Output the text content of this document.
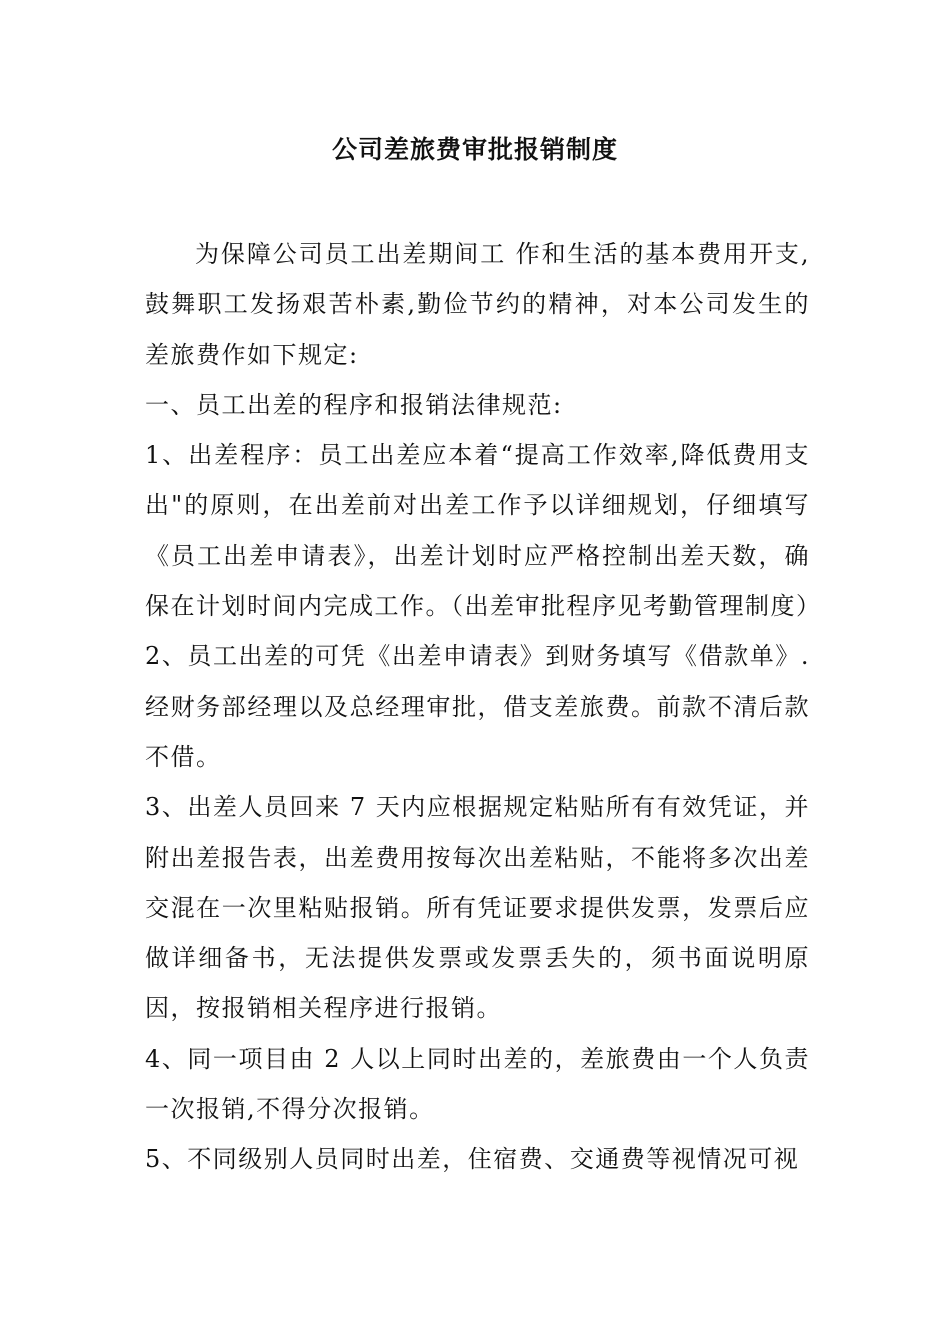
公司差旅费审批报销制度

为保障公司员工出差期间工 作和生活的基本费用开支,鼓舞职工发扬艰苦朴素,勤俭节约的精神，对本公司发生的差旅费作如下规定:

一、员工出差的程序和报销法律规范:

1、出差程序：员工出差应本着“提高工作效率,降低费用支出"的原则，在出差前对出差工作予以详细规划，仔细填写《员工出差申请表》，出差计划时应严格控制出差天数，确保在计划时间内完成工作。（出差审批程序见考勤管理制度）

2、员工出差的可凭《出差申请表》到财务填写《借款单》.经财务部经理以及总经理审批，借支差旅费。前款不清后款不借。

3、出差人员回来 7 天内应根据规定粘贴所有有效凭证，并附出差报告表，出差费用按每次出差粘贴，不能将多次出差交混在一次里粘贴报销。所有凭证要求提供发票，发票后应做详细备书，无法提供发票或发票丢失的，须书面说明原因，按报销相关程序进行报销。

4、同一项目由 2 人以上同时出差的，差旅费由一个人负责一次报销,不得分次报销。

5、不同级别人员同时出差，住宿费、交通费等视情况可视
